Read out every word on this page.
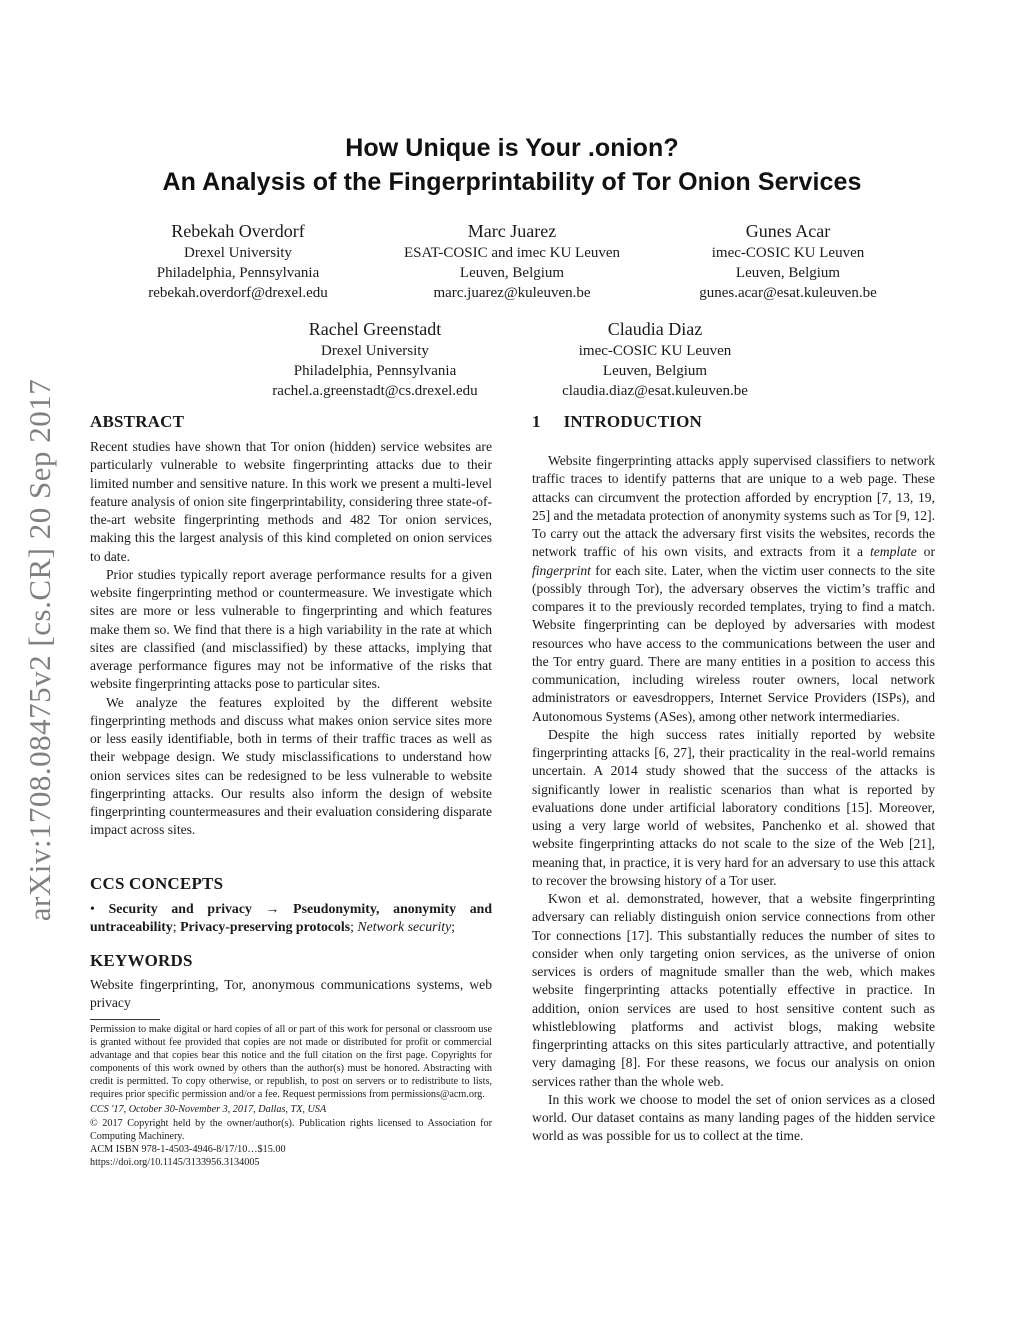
arXiv:1708.08475v2 [cs.CR] 20 Sep 2017
How Unique is Your .onion?
An Analysis of the Fingerprintability of Tor Onion Services
Rebekah Overdorf
Drexel University
Philadelphia, Pennsylvania
rebekah.overdorf@drexel.edu
Marc Juarez
ESAT-COSIC and imec KU Leuven
Leuven, Belgium
marc.juarez@kuleuven.be
Gunes Acar
imec-COSIC KU Leuven
Leuven, Belgium
gunes.acar@esat.kuleuven.be
Rachel Greenstadt
Drexel University
Philadelphia, Pennsylvania
rachel.a.greenstadt@cs.drexel.edu
Claudia Diaz
imec-COSIC KU Leuven
Leuven, Belgium
claudia.diaz@esat.kuleuven.be
ABSTRACT

Recent studies have shown that Tor onion (hidden) service websites are particularly vulnerable to website fingerprinting attacks due to their limited number and sensitive nature. In this work we present a multi-level feature analysis of onion site fingerprintability, considering three state-of-the-art website fingerprinting methods and 482 Tor onion services, making this the largest analysis of this kind completed on onion services to date.

Prior studies typically report average performance results for a given website fingerprinting method or countermeasure. We investigate which sites are more or less vulnerable to fingerprinting and which features make them so. We find that there is a high variability in the rate at which sites are classified (and misclassified) by these attacks, implying that average performance figures may not be informative of the risks that website fingerprinting attacks pose to particular sites.

We analyze the features exploited by the different website fingerprinting methods and discuss what makes onion service sites more or less easily identifiable, both in terms of their traffic traces as well as their webpage design. We study misclassifications to understand how onion services sites can be redesigned to be less vulnerable to website fingerprinting attacks. Our results also inform the design of website fingerprinting countermeasures and their evaluation considering disparate impact across sites.

CCS CONCEPTS

• Security and privacy → Pseudonymity, anonymity and untraceability; Privacy-preserving protocols; Network security;

KEYWORDS

Website fingerprinting, Tor, anonymous communications systems, web privacy

Permission to make digital or hard copies of all or part of this work for personal or classroom use is granted without fee provided that copies are not made or distributed for profit or commercial advantage and that copies bear this notice and the full citation on the first page. Copyrights for components of this work owned by others than the author(s) must be honored. Abstracting with credit is permitted. To copy otherwise, or republish, to post on servers or to redistribute to lists, requires prior specific permission and/or a fee. Request permissions from permissions@acm.org.

CCS '17, October 30-November 3, 2017, Dallas, TX, USA

© 2017 Copyright held by the owner/author(s). Publication rights licensed to Association for Computing Machinery.

ACM ISBN 978-1-4503-4946-8/17/10…$15.00

https://doi.org/10.1145/3133956.3134005

1 INTRODUCTION

Website fingerprinting attacks apply supervised classifiers to network traffic traces to identify patterns that are unique to a web page. These attacks can circumvent the protection afforded by encryption [7, 13, 19, 25] and the metadata protection of anonymity systems such as Tor [9, 12]. To carry out the attack the adversary first visits the websites, records the network traffic of his own visits, and extracts from it a template or fingerprint for each site. Later, when the victim user connects to the site (possibly through Tor), the adversary observes the victim’s traffic and compares it to the previously recorded templates, trying to find a match. Website fingerprinting can be deployed by adversaries with modest resources who have access to the communications between the user and the Tor entry guard. There are many entities in a position to access this communication, including wireless router owners, local network administrators or eavesdroppers, Internet Service Providers (ISPs), and Autonomous Systems (ASes), among other network intermediaries.

Despite the high success rates initially reported by website fingerprinting attacks [6, 27], their practicality in the real-world remains uncertain. A 2014 study showed that the success of the attacks is significantly lower in realistic scenarios than what is reported by evaluations done under artificial laboratory conditions [15]. Moreover, using a very large world of websites, Panchenko et al. showed that website fingerprinting attacks do not scale to the size of the Web [21], meaning that, in practice, it is very hard for an adversary to use this attack to recover the browsing history of a Tor user.

Kwon et al. demonstrated, however, that a website fingerprinting adversary can reliably distinguish onion service connections from other Tor connections [17]. This substantially reduces the number of sites to consider when only targeting onion services, as the universe of onion services is orders of magnitude smaller than the web, which makes website fingerprinting attacks potentially effective in practice. In addition, onion services are used to host sensitive content such as whistleblowing platforms and activist blogs, making website fingerprinting attacks on this sites particularly attractive, and potentially very damaging [8]. For these reasons, we focus our analysis on onion services rather than the whole web.

In this work we choose to model the set of onion services as a closed world. Our dataset contains as many landing pages of the hidden service world as was possible for us to collect at the time.
